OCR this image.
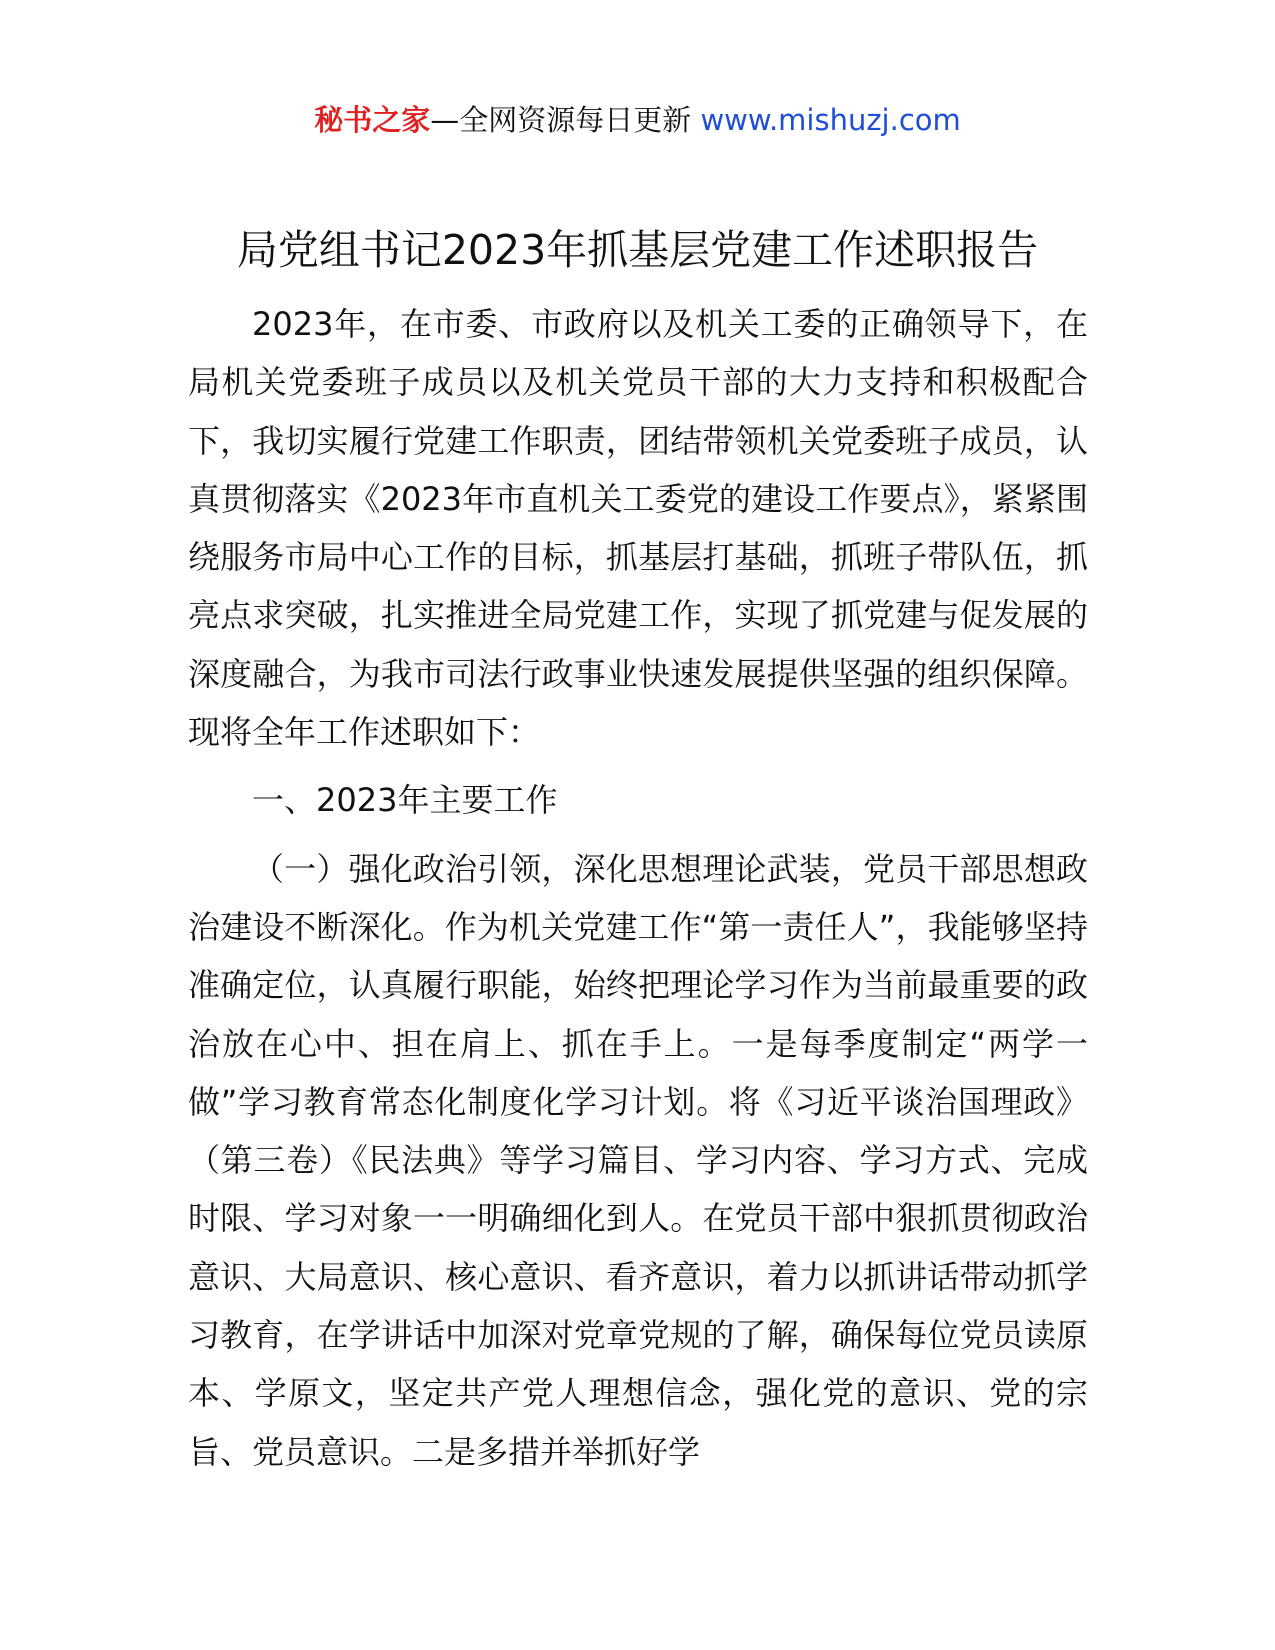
秘书之家—全网资源每日更新 www.mishuzj.com
局党组书记2023年抓基层党建工作述职报告

2023年，在市委、市政府以及机关工委的正确领导下，在局机关党委班子成员以及机关党员干部的大力支持和积极配合下，我切实履行党建工作职责，团结带领机关党委班子成员，认真贯彻落实《2023年市直机关工委党的建设工作要点》，紧紧围绕服务市局中心工作的目标，抓基层打基础，抓班子带队伍，抓亮点求突破，扎实推进全局党建工作，实现了抓党建与促发展的深度融合，为我市司法行政事业快速发展提供坚强的组织保障。现将全年工作述职如下：

一、2023年主要工作

（一）强化政治引领，深化思想理论武装，党员干部思想政治建设不断深化。作为机关党建工作“第一责任人”，我能够坚持准确定位，认真履行职能，始终把理论学习作为当前最重要的政治放在心中、担在肩上、抓在手上。一是每季度制定“两学一做”学习教育常态化制度化学习计划。将《习近平谈治国理政》（第三卷）《民法典》等学习篇目、学习内容、学习方式、完成时限、学习对象一一明确细化到人。在党员干部中狠抓贯彻政治意识、大局意识、核心意识、看齐意识，着力以抓讲话带动抓学习教育，在学讲话中加深对党章党规的了解，确保每位党员读原本、学原文，坚定共产党人理想信念，强化党的意识、党的宗旨、党员意识。二是多措并举抓好学
